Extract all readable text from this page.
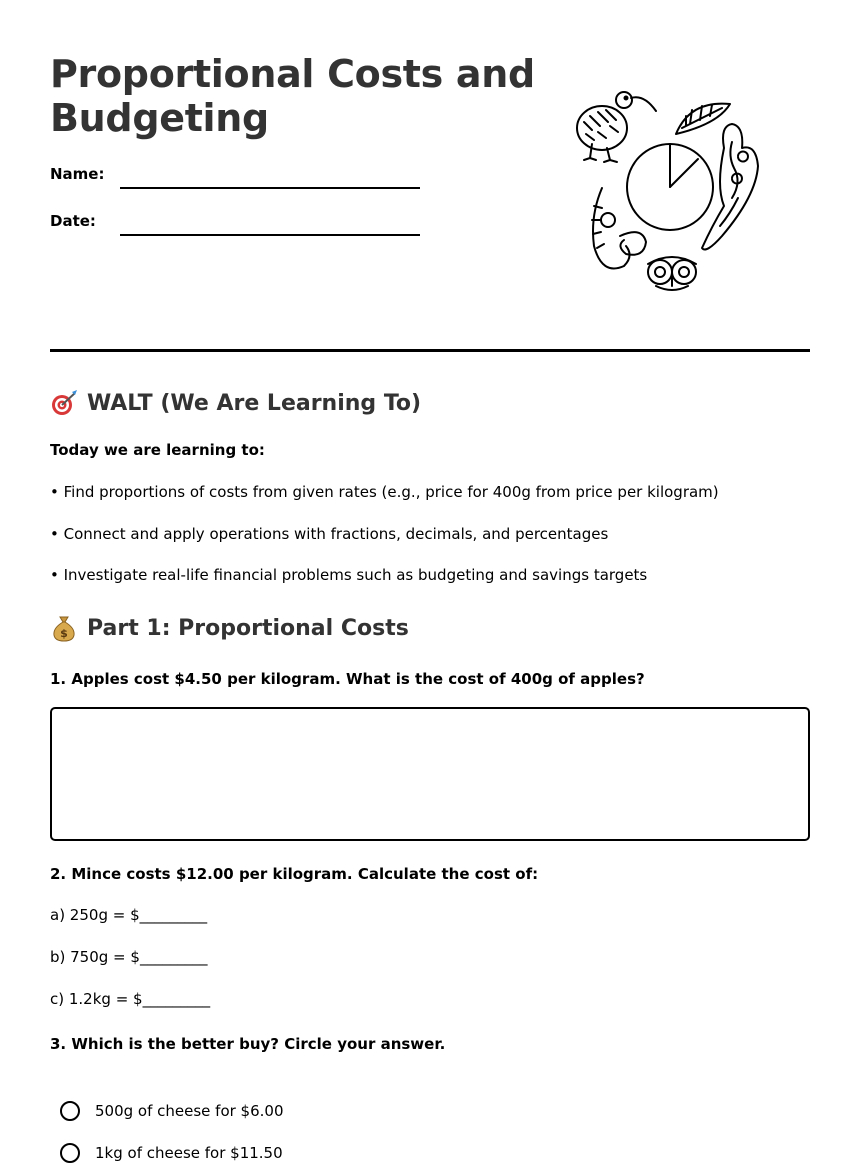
Proportional Costs and
Budgeting
Name:
Date:
WALT (We Are Learning To)
Today we are learning to:
• Find proportions of costs from given rates (e.g., price for 400g from price per kilogram)
• Connect and apply operations with fractions, decimals, and percentages
• Investigate real-life financial problems such as budgeting and savings targets
$ Part 1: Proportional Costs
1. Apples cost $4.50 per kilogram. What is the cost of 400g of apples?
2. Mince costs $12.00 per kilogram. Calculate the cost of:
a) 250g = $_________
b) 750g = $_________
c) 1.2kg = $_________
3. Which is the better buy? Circle your answer.
500g of cheese for $6.00
1kg of cheese for $11.50
